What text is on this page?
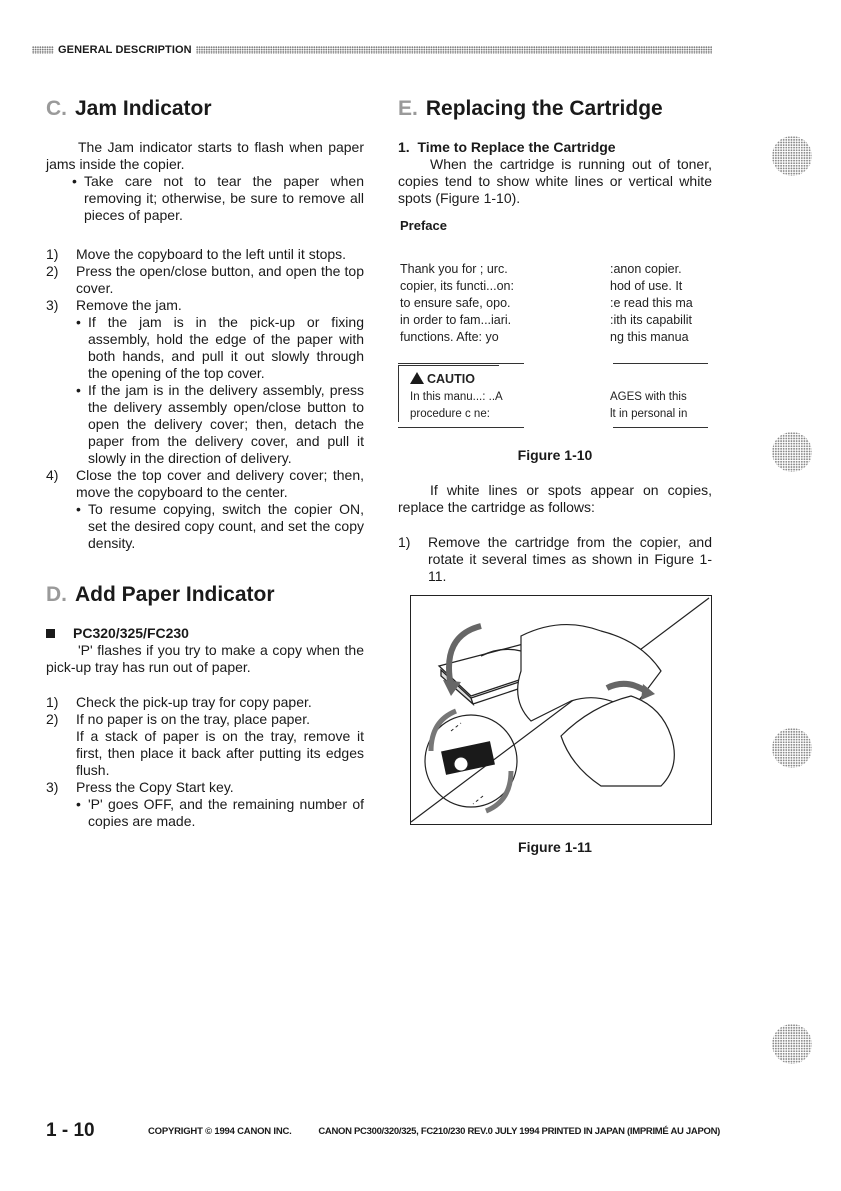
GENERAL DESCRIPTION
C. Jam Indicator

The Jam indicator starts to flash when paper jams inside the copier.

• Take care not to tear the paper when removing it; otherwise, be sure to remove all pieces of paper.
1)	Move the copyboard to the left until it stops.
2)	Press the open/close button, and open the top cover.
3)	Remove the jam.
• If the jam is in the pick-up or fixing assembly, hold the edge of the paper with both hands, and pull it out slowly through the opening of the top cover.
• If the jam is in the delivery assembly, press the delivery assembly open/close button to open the delivery cover; then, detach the paper from the delivery cover, and pull it slowly in the direction of delivery.
4)	Close the top cover and delivery cover; then, move the copyboard to the center.
• To resume copying, switch the copier ON, set the desired copy count, and set the copy density.
D. Add Paper Indicator

PC320/325/FC230

'P' flashes if you try to make a copy when the pick-up tray has run out of paper.

1)	Check the pick-up tray for copy paper.
2)	If no paper is on the tray, place paper.

If a stack of paper is on the tray, remove it first, then place it back after putting its edges flush.

3)	Press the Copy Start key.
• 'P' goes OFF, and the remaining number of copies are made.
E. Replacing the Cartridge

1. Time to Replace the Cartridge

When the cartridge is running out of toner, copies tend to show white lines or vertical white spots (Figure 1-10).

Preface
Thank you for ; urc.
copier, its functi...on:
to ensure safe, opo.
in order to fam...iari.
functions. Afte: yo
:anon copier.
hod of use. It
:e read this ma
:ith its capabilit
ng this manua
CAUTIO
In this manu...: ..A
procedure c ne:
AGES with this
lt in personal in

Figure 1-10

If white lines or spots appear on copies, replace the cartridge as follows:

1)	Remove the cartridge from the copier, and rotate it several times as shown in Figure 1-11.

Figure 1-11

1 - 10	COPYRIGHT © 1994 CANON INC.	CANON PC300/320/325, FC210/230 REV.0 JULY 1994 PRINTED IN JAPAN (IMPRIMÉ AU JAPON)
